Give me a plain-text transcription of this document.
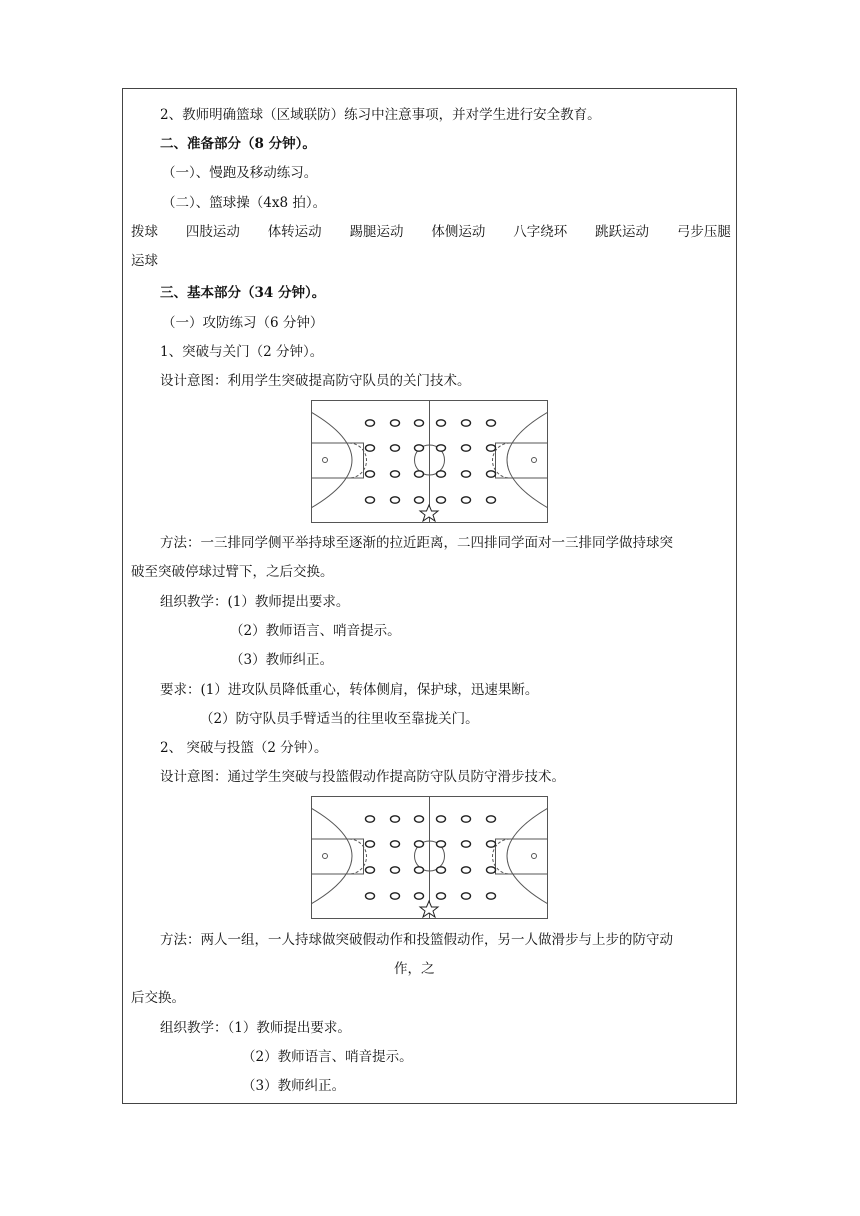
2、教师明确篮球（区域联防）练习中注意事项，并对学生进行安全教育。
二、准备部分（8 分钟）。
（一）、慢跑及移动练习。
（二）、篮球操（4x8 拍）。
拨球 四肢运动 体转运动 踢腿运动 体侧运动 八字绕环 跳跃运动 弓步压腿
运球
三、基本部分（34 分钟）。
（一）攻防练习（6 分钟）
1、突破与关门（2 分钟）。
设计意图：利用学生突破提高防守队员的关门技术。
方法：一三排同学侧平举持球至逐渐的拉近距离，二四排同学面对一三排同学做持球突
破至突破停球过臂下，之后交换。
组织教学：(1）教师提出要求。
（2）教师语言、哨音提示。
（3）教师纠正。
要求：(1）进攻队员降低重心，转体侧肩，保护球，迅速果断。
（2）防守队员手臂适当的往里收至靠拢关门。
2、 突破与投篮（2 分钟）。
设计意图：通过学生突破与投篮假动作提高防守队员防守滑步技术。
方法：两人一组，一人持球做突破假动作和投篮假动作，另一人做滑步与上步的防守动
作，之
后交换。
组织教学：（1）教师提出要求。
（2）教师语言、哨音提示。
（3）教师纠正。
